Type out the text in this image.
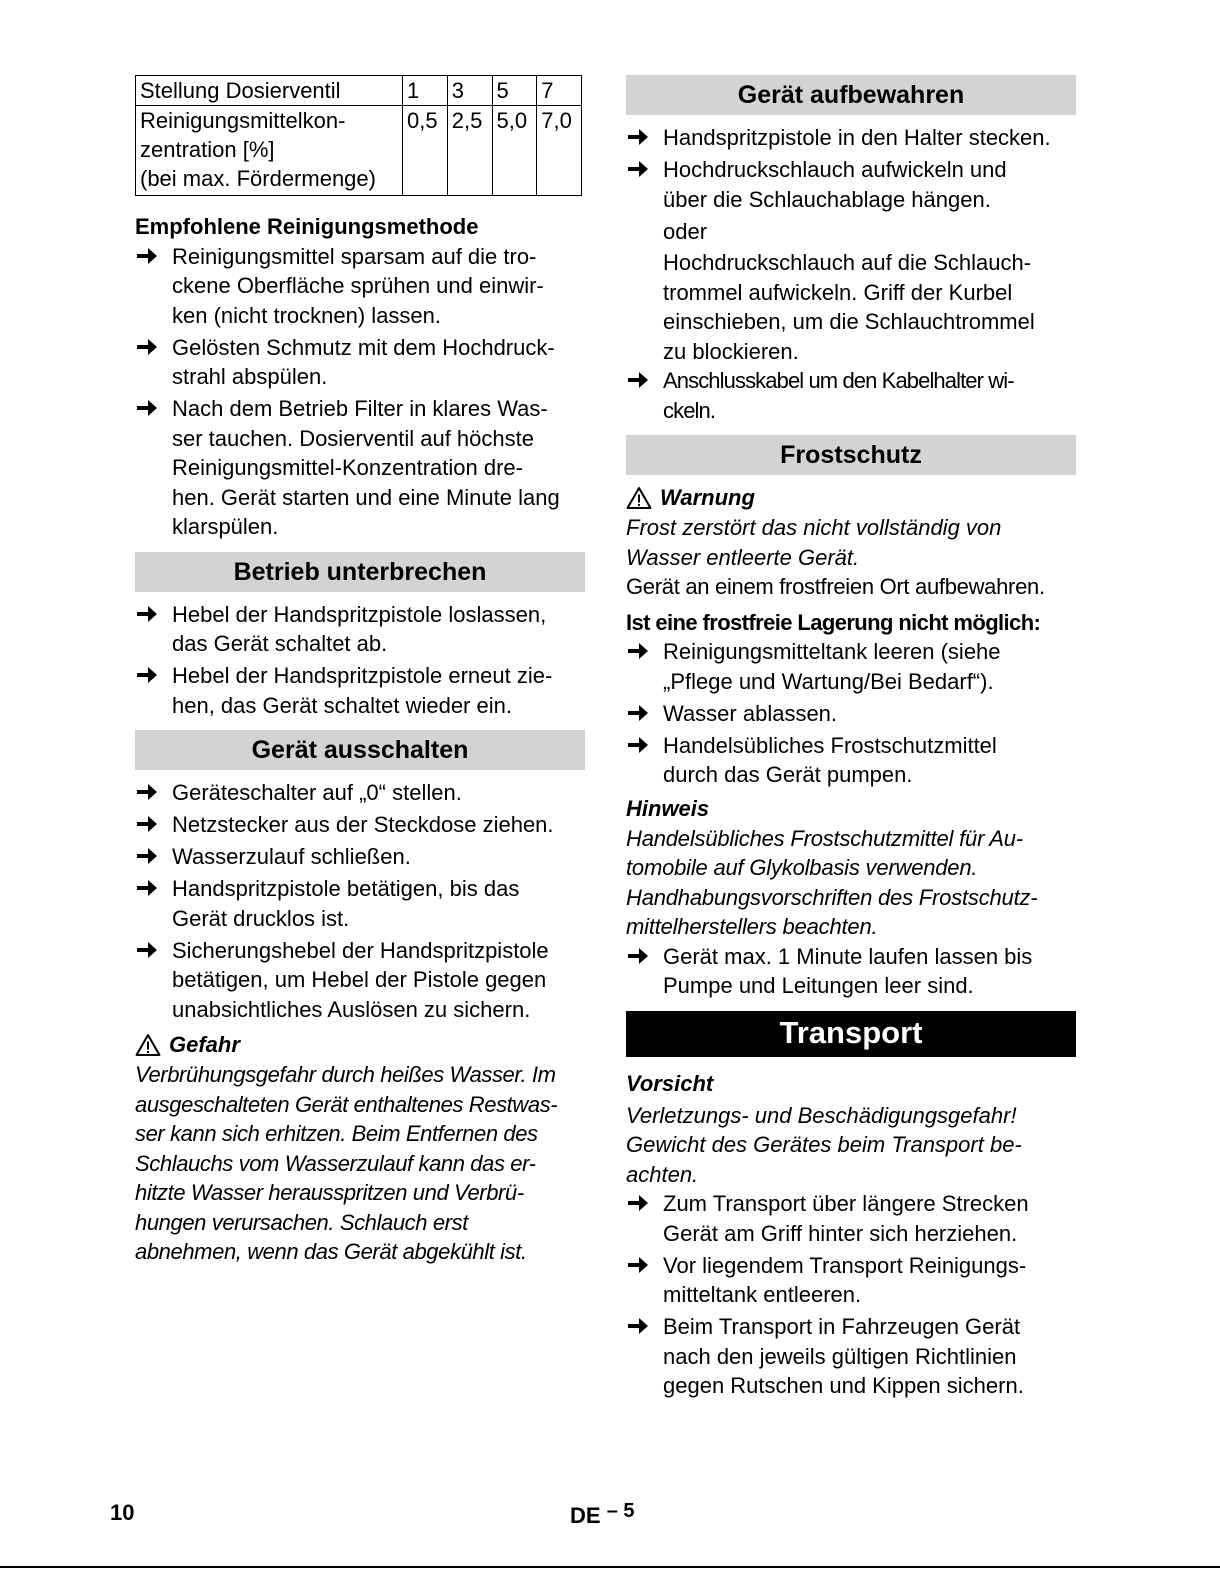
Stellung Dosierventil	1	3	5	7

Reinigungsmittelkon-
zentration [%]
(bei max. Fördermenge)	0,5	2,5	5,0	7,0

Empfohlene Reinigungsmethode

Reinigungsmittel sparsam auf die tro-
ckene Oberfläche sprühen und einwir-
ken (nicht trocknen) lassen.
Gelösten Schmutz mit dem Hochdruck-
strahl abspülen.
Nach dem Betrieb Filter in klares Was-
ser tauchen. Dosierventil auf höchste
Reinigungsmittel-Konzentration dre-
hen. Gerät starten und eine Minute lang
klarspülen.
Betrieb unterbrechen
Hebel der Handspritzpistole loslassen,
das Gerät schaltet ab.
Hebel der Handspritzpistole erneut zie-
hen, das Gerät schaltet wieder ein.
Gerät ausschalten
Geräteschalter auf „0“ stellen.
Netzstecker aus der Steckdose ziehen.
Wasserzulauf schließen.
Handspritzpistole betätigen, bis das
Gerät drucklos ist.
Sicherungshebel der Handspritzpistole
betätigen, um Hebel der Pistole gegen
unabsichtliches Auslösen zu sichern.
Gefahr
Verbrühungsgefahr durch heißes Wasser. Im
ausgeschalteten Gerät enthaltenes Restwas-
ser kann sich erhitzen. Beim Entfernen des
Schlauchs vom Wasserzulauf kann das er-
hitzte Wasser herausspritzen und Verbrü-
hungen verursachen. Schlauch erst
abnehmen, wenn das Gerät abgekühlt ist.
Gerät aufbewahren
Handspritzpistole in den Halter stecken.
Hochdruckschlauch aufwickeln und
über die Schlauchablage hängen.

oder

Hochdruckschlauch auf die Schlauch-
trommel aufwickeln. Griff der Kurbel
einschieben, um die Schlauchtrommel
zu blockieren.
Anschlusskabel um den Kabelhalter wi-
ckeln.
Frostschutz
Warnung
Frost zerstört das nicht vollständig von
Wasser entleerte Gerät.

Gerät an einem frostfreien Ort aufbewahren.

Ist eine frostfreie Lagerung nicht möglich:

Reinigungsmitteltank leeren (siehe
„Pflege und Wartung/Bei Bedarf“).
Wasser ablassen.
Handelsübliches Frostschutzmittel
durch das Gerät pumpen.
Hinweis
Handelsübliches Frostschutzmittel für Au-
tomobile auf Glykolbasis verwenden.
Handhabungsvorschriften des Frostschutz-
mittelherstellers beachten.
Gerät max. 1 Minute laufen lassen bis
Pumpe und Leitungen leer sind.
Transport
Vorsicht
Verletzungs- und Beschädigungsgefahr!
Gewicht des Gerätes beim Transport be-
achten.
Zum Transport über längere Strecken
Gerät am Griff hinter sich herziehen.
Vor liegendem Transport Reinigungs-
mitteltank entleeren.
Beim Transport in Fahrzeugen Gerät
nach den jeweils gültigen Richtlinien
gegen Rutschen und Kippen sichern.
10	DE $^{- 5}$
